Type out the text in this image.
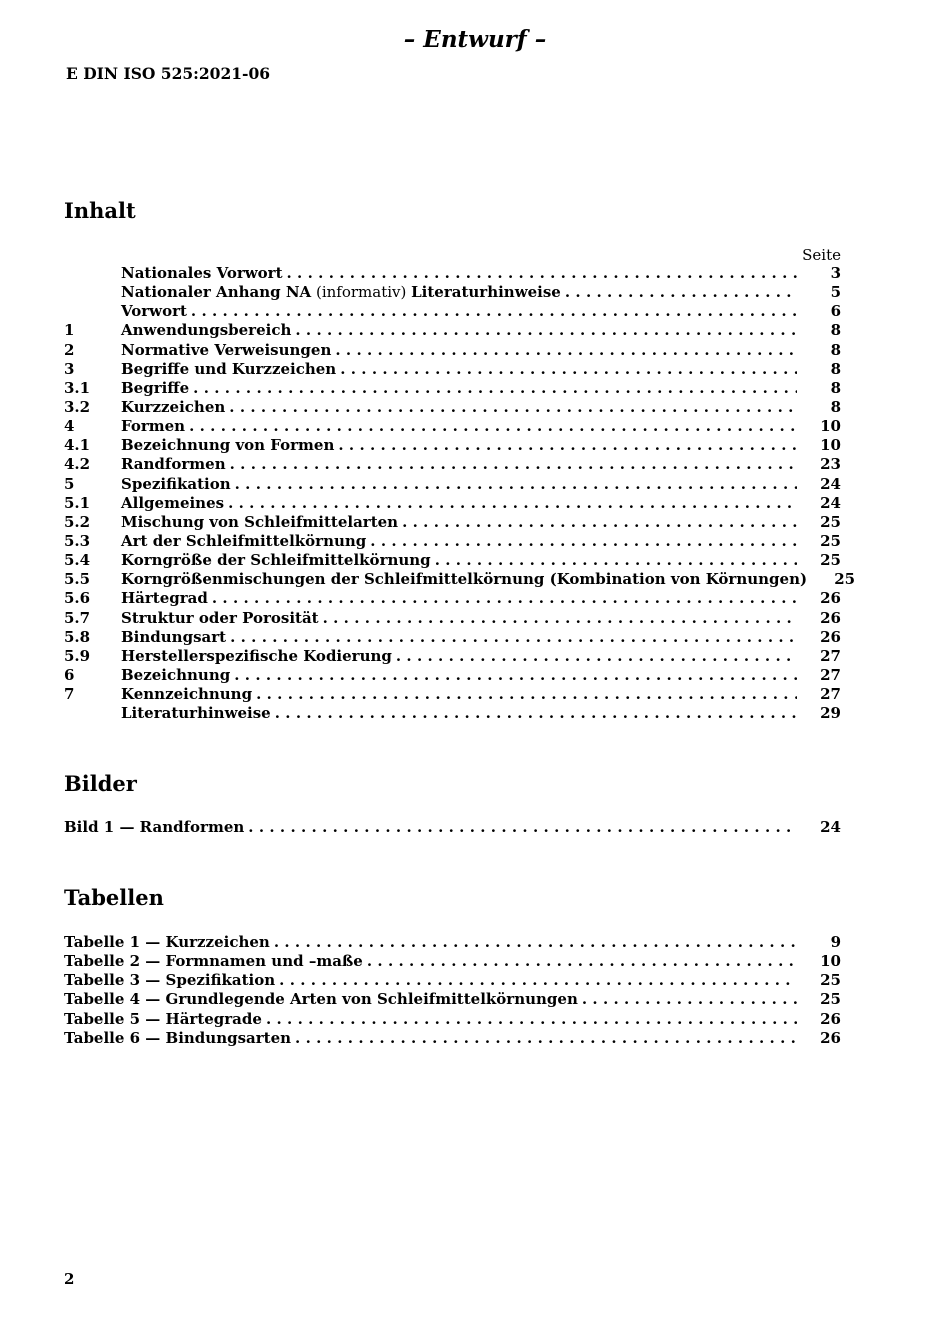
– Entwurf –
E DIN ISO 525:2021-06
Inhalt
Seite
Nationales Vorwort . . .	3
Nationaler Anhang NA (informativ) Literaturhinweise . . .	5
Vorwort . . .	6
1	Anwendungsbereich . . .	8
2	Normative Verweisungen . . .	8
3	Begriffe und Kurzzeichen . . .	8
3.1	Begriffe . . .	8
3.2	Kurzzeichen . . .	8
4	Formen . . .	10
4.1	Bezeichnung von Formen . . .	10
4.2	Randformen . . .	23
5	Spezifikation . . .	24
5.1	Allgemeines . . .	24
5.2	Mischung von Schleifmittelarten . . .	25
5.3	Art der Schleifmittelkörnung . . .	25
5.4	Korngröße der Schleifmittelkörnung . . .	25
5.5	Korngrößenmischungen der Schleifmittelkörnung (Kombination von Körnungen)	25
5.6	Härtegrad . . .	26
5.7	Struktur oder Porosität . . .	26
5.8	Bindungsart . . .	26
5.9	Herstellerspezifische Kodierung . . .	27
6	Bezeichnung . . .	27
7	Kennzeichnung . . .	27
Literaturhinweise . . .	29
Bilder
Bild 1 — Randformen . . .	24
Tabellen
Tabelle 1 — Kurzzeichen . . .	9
Tabelle 2 — Formnamen und –maße . . .	10
Tabelle 3 — Spezifikation . . .	25
Tabelle 4 — Grundlegende Arten von Schleifmittelkörnungen . . .	25
Tabelle 5 — Härtegrade . . .	26
Tabelle 6 — Bindungsarten . . .	26
2
